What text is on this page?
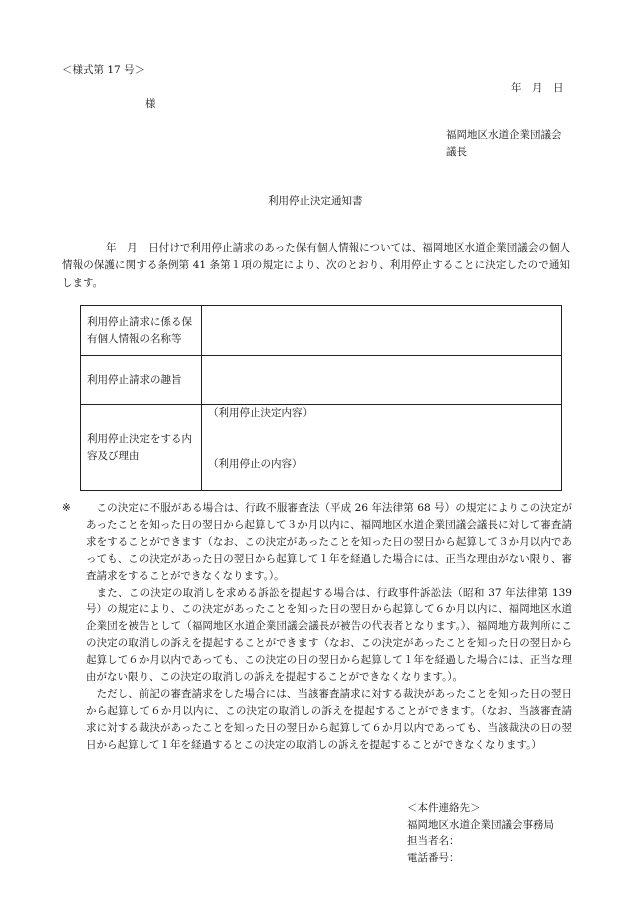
＜様式第 17 号＞
年　月　日
様
福岡地区水道企業団議会
議長
利用停止決定通知書

年　月　日付けで利用停止請求のあった保有個人情報については、福岡地区水道企業団議会の個人情報の保護に関する条例第 41 条第１項の規定により、次のとおり、利用停止することに決定したので通知します。

利用停止請求に係る保有個人情報の名称等	
利用停止請求の趣旨	
利用停止決定をする内容及び理由	（利用停止決定内容）
（利用停止の内容）
※	この決定に不服がある場合は、行政不服審査法（平成 26 年法律第 68 号）の規定によりこの決定があったことを知った日の翌日から起算して３か月以内に、福岡地区水道企業団議会議長に対して審査請求をすることができます（なお、この決定があったことを知った日の翌日から起算して３か月以内であっても、この決定があった日の翌日から起算して１年を経過した場合には、正当な理由がない限り、審査請求をすることができなくなります。）。

また、この決定の取消しを求める訴訟を提起する場合は、行政事件訴訟法（昭和 37 年法律第 139 号）の規定により、この決定があったことを知った日の翌日から起算して６か月以内に、福岡地区水道企業団を被告として（福岡地区水道企業団議会議長が被告の代表者となります。）、福岡地方裁判所にこの決定の取消しの訴えを提起することができます（なお、この決定があったことを知った日の翌日から起算して６か月以内であっても、この決定の日の翌日から起算して１年を経過した場合には、正当な理由がない限り、この決定の取消しの訴えを提起することができなくなります。）。

ただし、前記の審査請求をした場合には、当該審査請求に対する裁決があったことを知った日の翌日から起算して６か月以内に、この決定の取消しの訴えを提起することができます。（なお、当該審査請求に対する裁決があったことを知った日の翌日から起算して６か月以内であっても、当該裁決の日の翌日から起算して１年を経過するとこの決定の取消しの訴えを提起することができなくなります。）

＜本件連絡先＞
福岡地区水道企業団議会事務局
担当者名：
電話番号：
